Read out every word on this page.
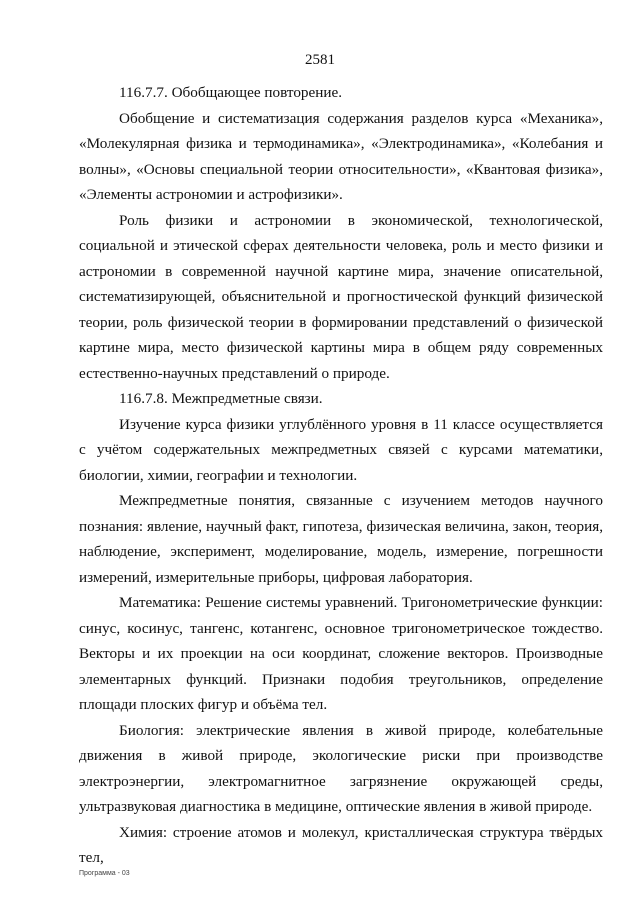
2581

116.7.7. Обобщающее повторение.

Обобщение и систематизация содержания разделов курса «Механика», «Молекулярная физика и термодинамика», «Электродинамика», «Колебания и волны», «Основы специальной теории относительности», «Квантовая физика», «Элементы астрономии и астрофизики».

Роль физики и астрономии в экономической, технологической, социальной и этической сферах деятельности человека, роль и место физики и астрономии в современной научной картине мира, значение описательной, систематизирующей, объяснительной и прогностической функций физической теории, роль физической теории в формировании представлений о физической картине мира, место физической картины мира в общем ряду современных естественно-научных представлений о природе.

116.7.8. Межпредметные связи.

Изучение курса физики углублённого уровня в 11 классе осуществляется с учётом содержательных межпредметных связей с курсами математики, биологии, химии, географии и технологии.

Межпредметные понятия, связанные с изучением методов научного познания: явление, научный факт, гипотеза, физическая величина, закон, теория, наблюдение, эксперимент, моделирование, модель, измерение, погрешности измерений, измерительные приборы, цифровая лаборатория.

Математика: Решение системы уравнений. Тригонометрические функции: синус, косинус, тангенс, котангенс, основное тригонометрическое тождество. Векторы и их проекции на оси координат, сложение векторов. Производные элементарных функций. Признаки подобия треугольников, определение площади плоских фигур и объёма тел.

Биология: электрические явления в живой природе, колебательные движения в живой природе, экологические риски при производстве электроэнергии, электромагнитное загрязнение окружающей среды, ультразвуковая диагностика в медицине, оптические явления в живой природе.

Химия: строение атомов и молекул, кристаллическая структура твёрдых тел,

Программа - 03
